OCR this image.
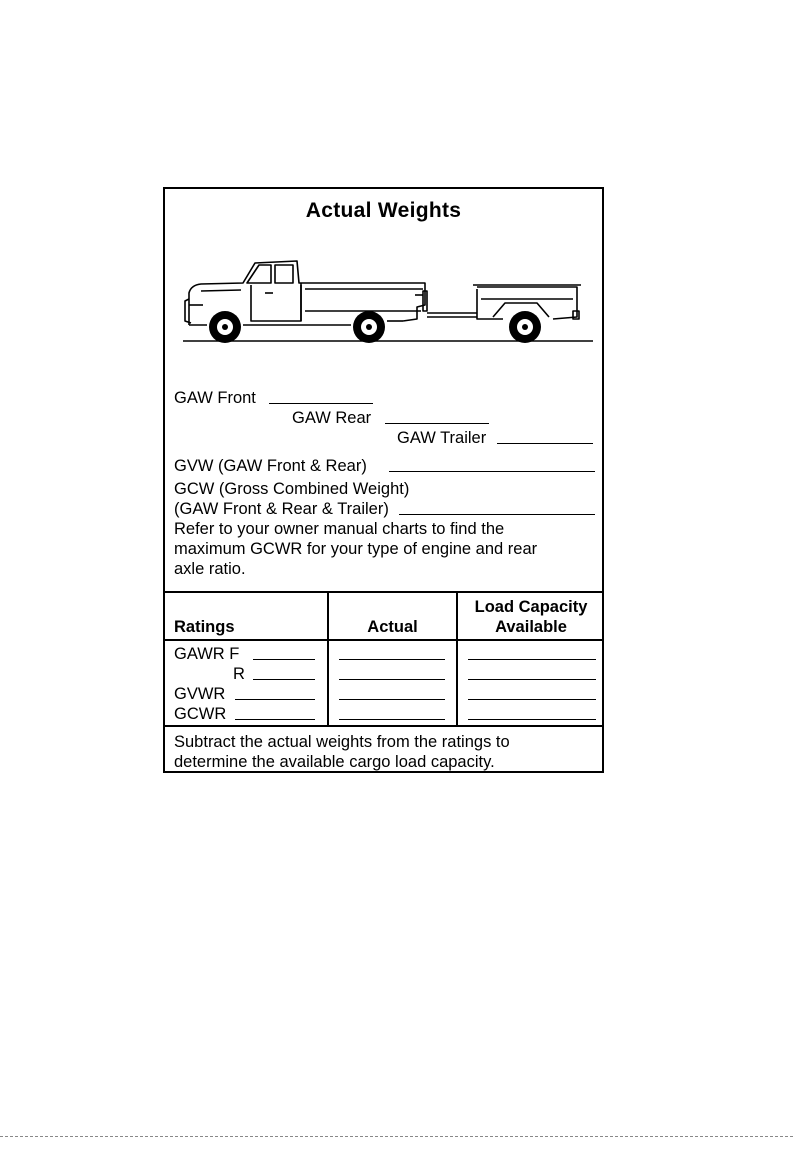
Actual Weights
GAW Front
GAW Rear
GAW Trailer
GVW (GAW Front & Rear)
GCW (Gross Combined Weight)
(GAW Front & Rear & Trailer)
Refer to your owner manual charts to find the
maximum GCWR for your type of engine and rear
axle ratio.
Ratings	Actual
Load Capacity
Available
GAWR F
R
GVWR
GCWR
Subtract the actual weights from the ratings to
determine the available cargo load capacity.
